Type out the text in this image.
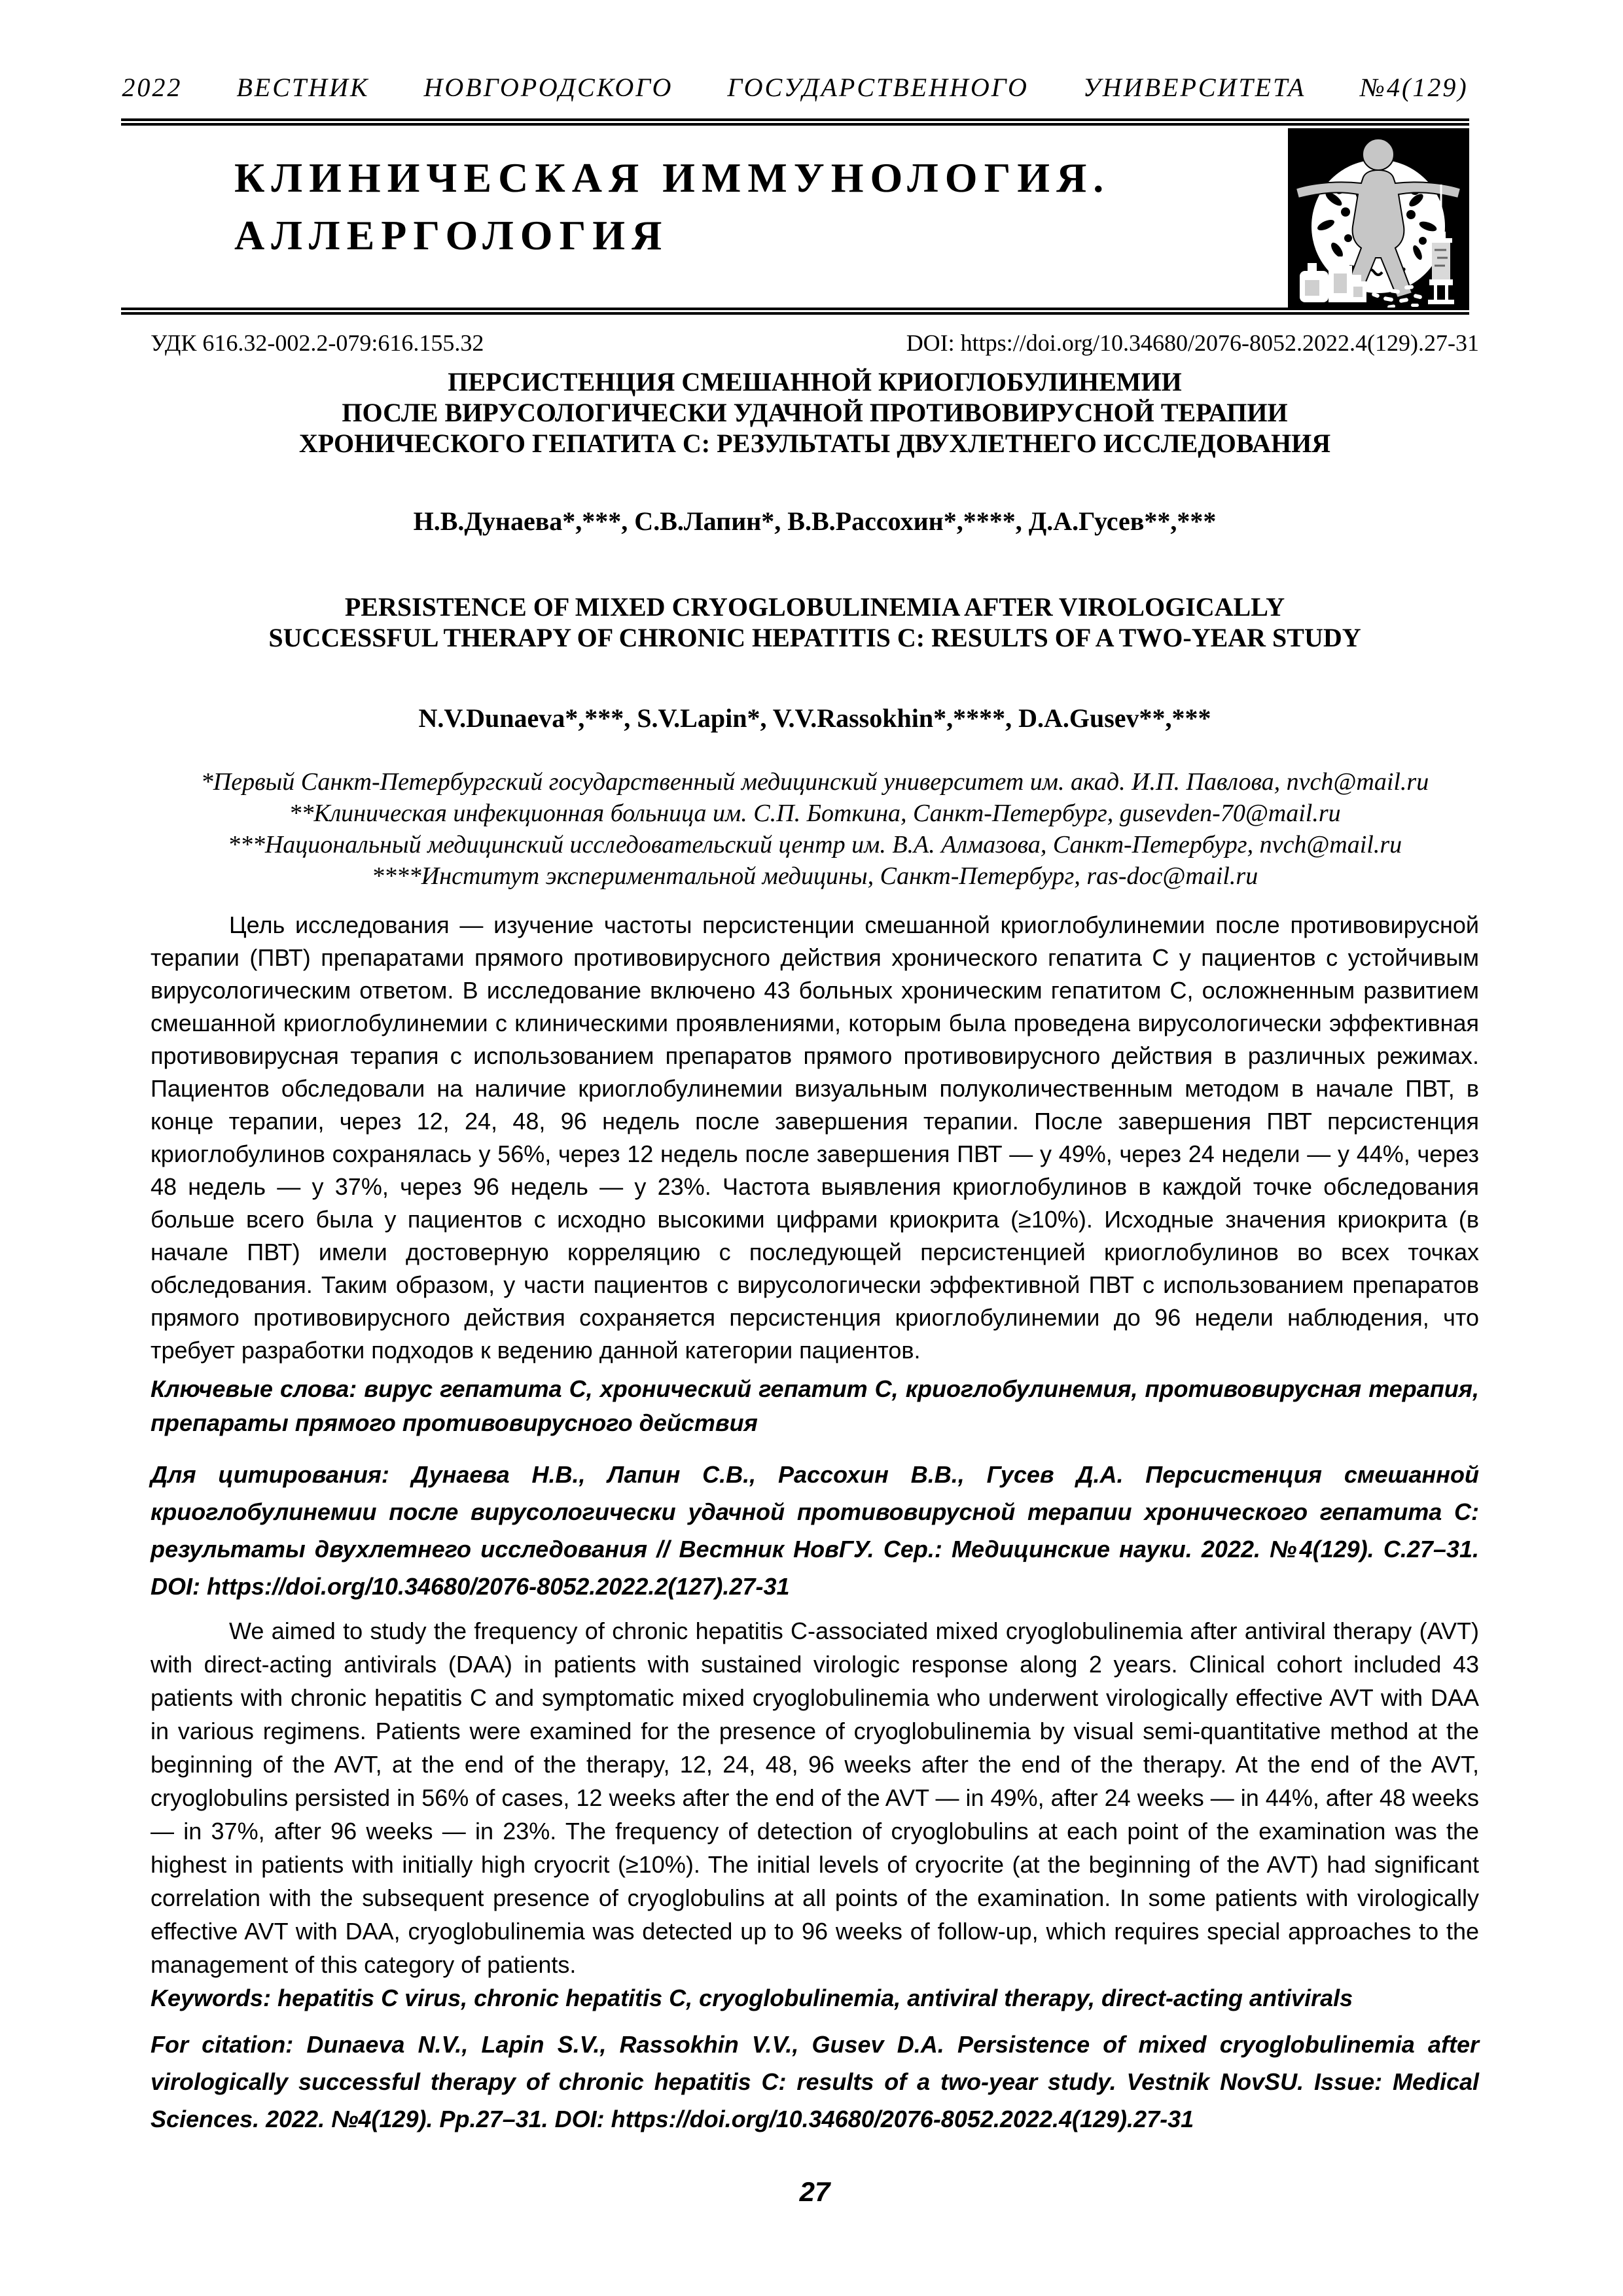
2022 ВЕСТНИК НОВГОРОДСКОГО ГОСУДАРСТВЕННОГО УНИВЕРСИТЕТА №4(129)
КЛИНИЧЕСКАЯ ИММУНОЛОГИЯ.
АЛЛЕРГОЛОГИЯ
УДК 616.32-002.2-079:616.155.32	DOI: https://doi.org/10.34680/2076-8052.2022.4(129).27-31
ПЕРСИСТЕНЦИЯ СМЕШАННОЙ КРИОГЛОБУЛИНЕМИИ
ПОСЛЕ ВИРУСОЛОГИЧЕСКИ УДАЧНОЙ ПРОТИВОВИРУСНОЙ ТЕРАПИИ
ХРОНИЧЕСКОГО ГЕПАТИТА С: РЕЗУЛЬТАТЫ ДВУХЛЕТНЕГО ИССЛЕДОВАНИЯ
Н.В.Дунаева*,***, С.В.Лапин*, В.В.Рассохин*,****, Д.А.Гусев**,***
PERSISTENCE OF MIXED CRYOGLOBULINEMIA AFTER VIROLOGICALLY
SUCCESSFUL THERAPY OF CHRONIC HEPATITIS C: RESULTS OF A TWO-YEAR STUDY
N.V.Dunaeva*,***, S.V.Lapin*, V.V.Rassokhin*,****, D.A.Gusev**,***
*Первый Санкт-Петербургский государственный медицинский университет им. акад. И.П. Павлова, nvch@mail.ru
**Клиническая инфекционная больница им. С.П. Боткина, Санкт-Петербург, gusevden-70@mail.ru
***Национальный медицинский исследовательский центр им. В.А. Алмазова, Санкт-Петербург, nvch@mail.ru
****Институт экспериментальной медицины, Санкт-Петербург, ras-doc@mail.ru

Цель исследования — изучение частоты персистенции смешанной криоглобулинемии после противовирусной терапии (ПВТ) препаратами прямого противовирусного действия хронического гепатита С у пациентов с устойчивым вирусологическим ответом. В исследование включено 43 больных хроническим гепатитом С, осложненным развитием смешанной криоглобулинемии с клиническими проявлениями, которым была проведена вирусологически эффективная противовирусная терапия с использованием препаратов прямого противовирусного действия в различных режимах. Пациентов обследовали на наличие криоглобулинемии визуальным полуколичественным методом в начале ПВТ, в конце терапии, через 12, 24, 48, 96 недель после завершения терапии. После завершения ПВТ персистенция криоглобулинов сохранялась у 56%, через 12 недель после завершения ПВТ — у 49%, через 24 недели — у 44%, через 48 недель — у 37%, через 96 недель — у 23%. Частота выявления криоглобулинов в каждой точке обследования больше всего была у пациентов с исходно высокими цифрами криокрита (≥10%). Исходные значения криокрита (в начале ПВТ) имели достоверную корреляцию с последующей персистенцией криоглобулинов во всех точках обследования. Таким образом, у части пациентов с вирусологически эффективной ПВТ с использованием препаратов прямого противовирусного действия сохраняется персистенция криоглобулинемии до 96 недели наблюдения, что требует разработки подходов к ведению данной категории пациентов.

Ключевые слова: вирус гепатита С, хронический гепатит С, криоглобулинемия, противовирусная терапия, препараты прямого противовирусного действия

Для цитирования: Дунаева Н.В., Лапин С.В., Рассохин В.В., Гусев Д.А. Персистенция смешанной криоглобулинемии после вирусологически удачной противовирусной терапии хронического гепатита С: результаты двухлетнего исследования // Вестник НовГУ. Сер.: Медицинские науки. 2022. №4(129). С.27–31. DOI: https://doi.org/10.34680/2076-8052.2022.2(127).27-31

We aimed to study the frequency of chronic hepatitis C-associated mixed cryoglobulinemia after antiviral therapy (AVT) with direct-acting antivirals (DAA) in patients with sustained virologic response along 2 years. Clinical cohort included 43 patients with chronic hepatitis C and symptomatic mixed cryoglobulinemia who underwent virologically effective AVT with DAA in various regimens. Patients were examined for the presence of cryoglobulinemia by visual semi-quantitative method at the beginning of the AVT, at the end of the therapy, 12, 24, 48, 96 weeks after the end of the therapy. At the end of the AVT, cryoglobulins persisted in 56% of cases, 12 weeks after the end of the AVT — in 49%, after 24 weeks — in 44%, after 48 weeks — in 37%, after 96 weeks — in 23%. The frequency of detection of cryoglobulins at each point of the examination was the highest in patients with initially high cryocrit (≥10%). The initial levels of cryocrite (at the beginning of the AVT) had significant correlation with the subsequent presence of cryoglobulins at all points of the examination. In some patients with virologically effective AVT with DAA, cryoglobulinemia was detected up to 96 weeks of follow-up, which requires special approaches to the management of this category of patients.

Keywords: hepatitis C virus, chronic hepatitis C, cryoglobulinemia, antiviral therapy, direct-acting antivirals

For citation: Dunaeva N.V., Lapin S.V., Rassokhin V.V., Gusev D.A. Persistence of mixed cryoglobulinemia after virologically successful therapy of chronic hepatitis C: results of a two-year study. Vestnik NovSU. Issue: Medical Sciences. 2022. №4(129). Pp.27–31. DOI: https://doi.org/10.34680/2076-8052.2022.4(129).27-31

27
